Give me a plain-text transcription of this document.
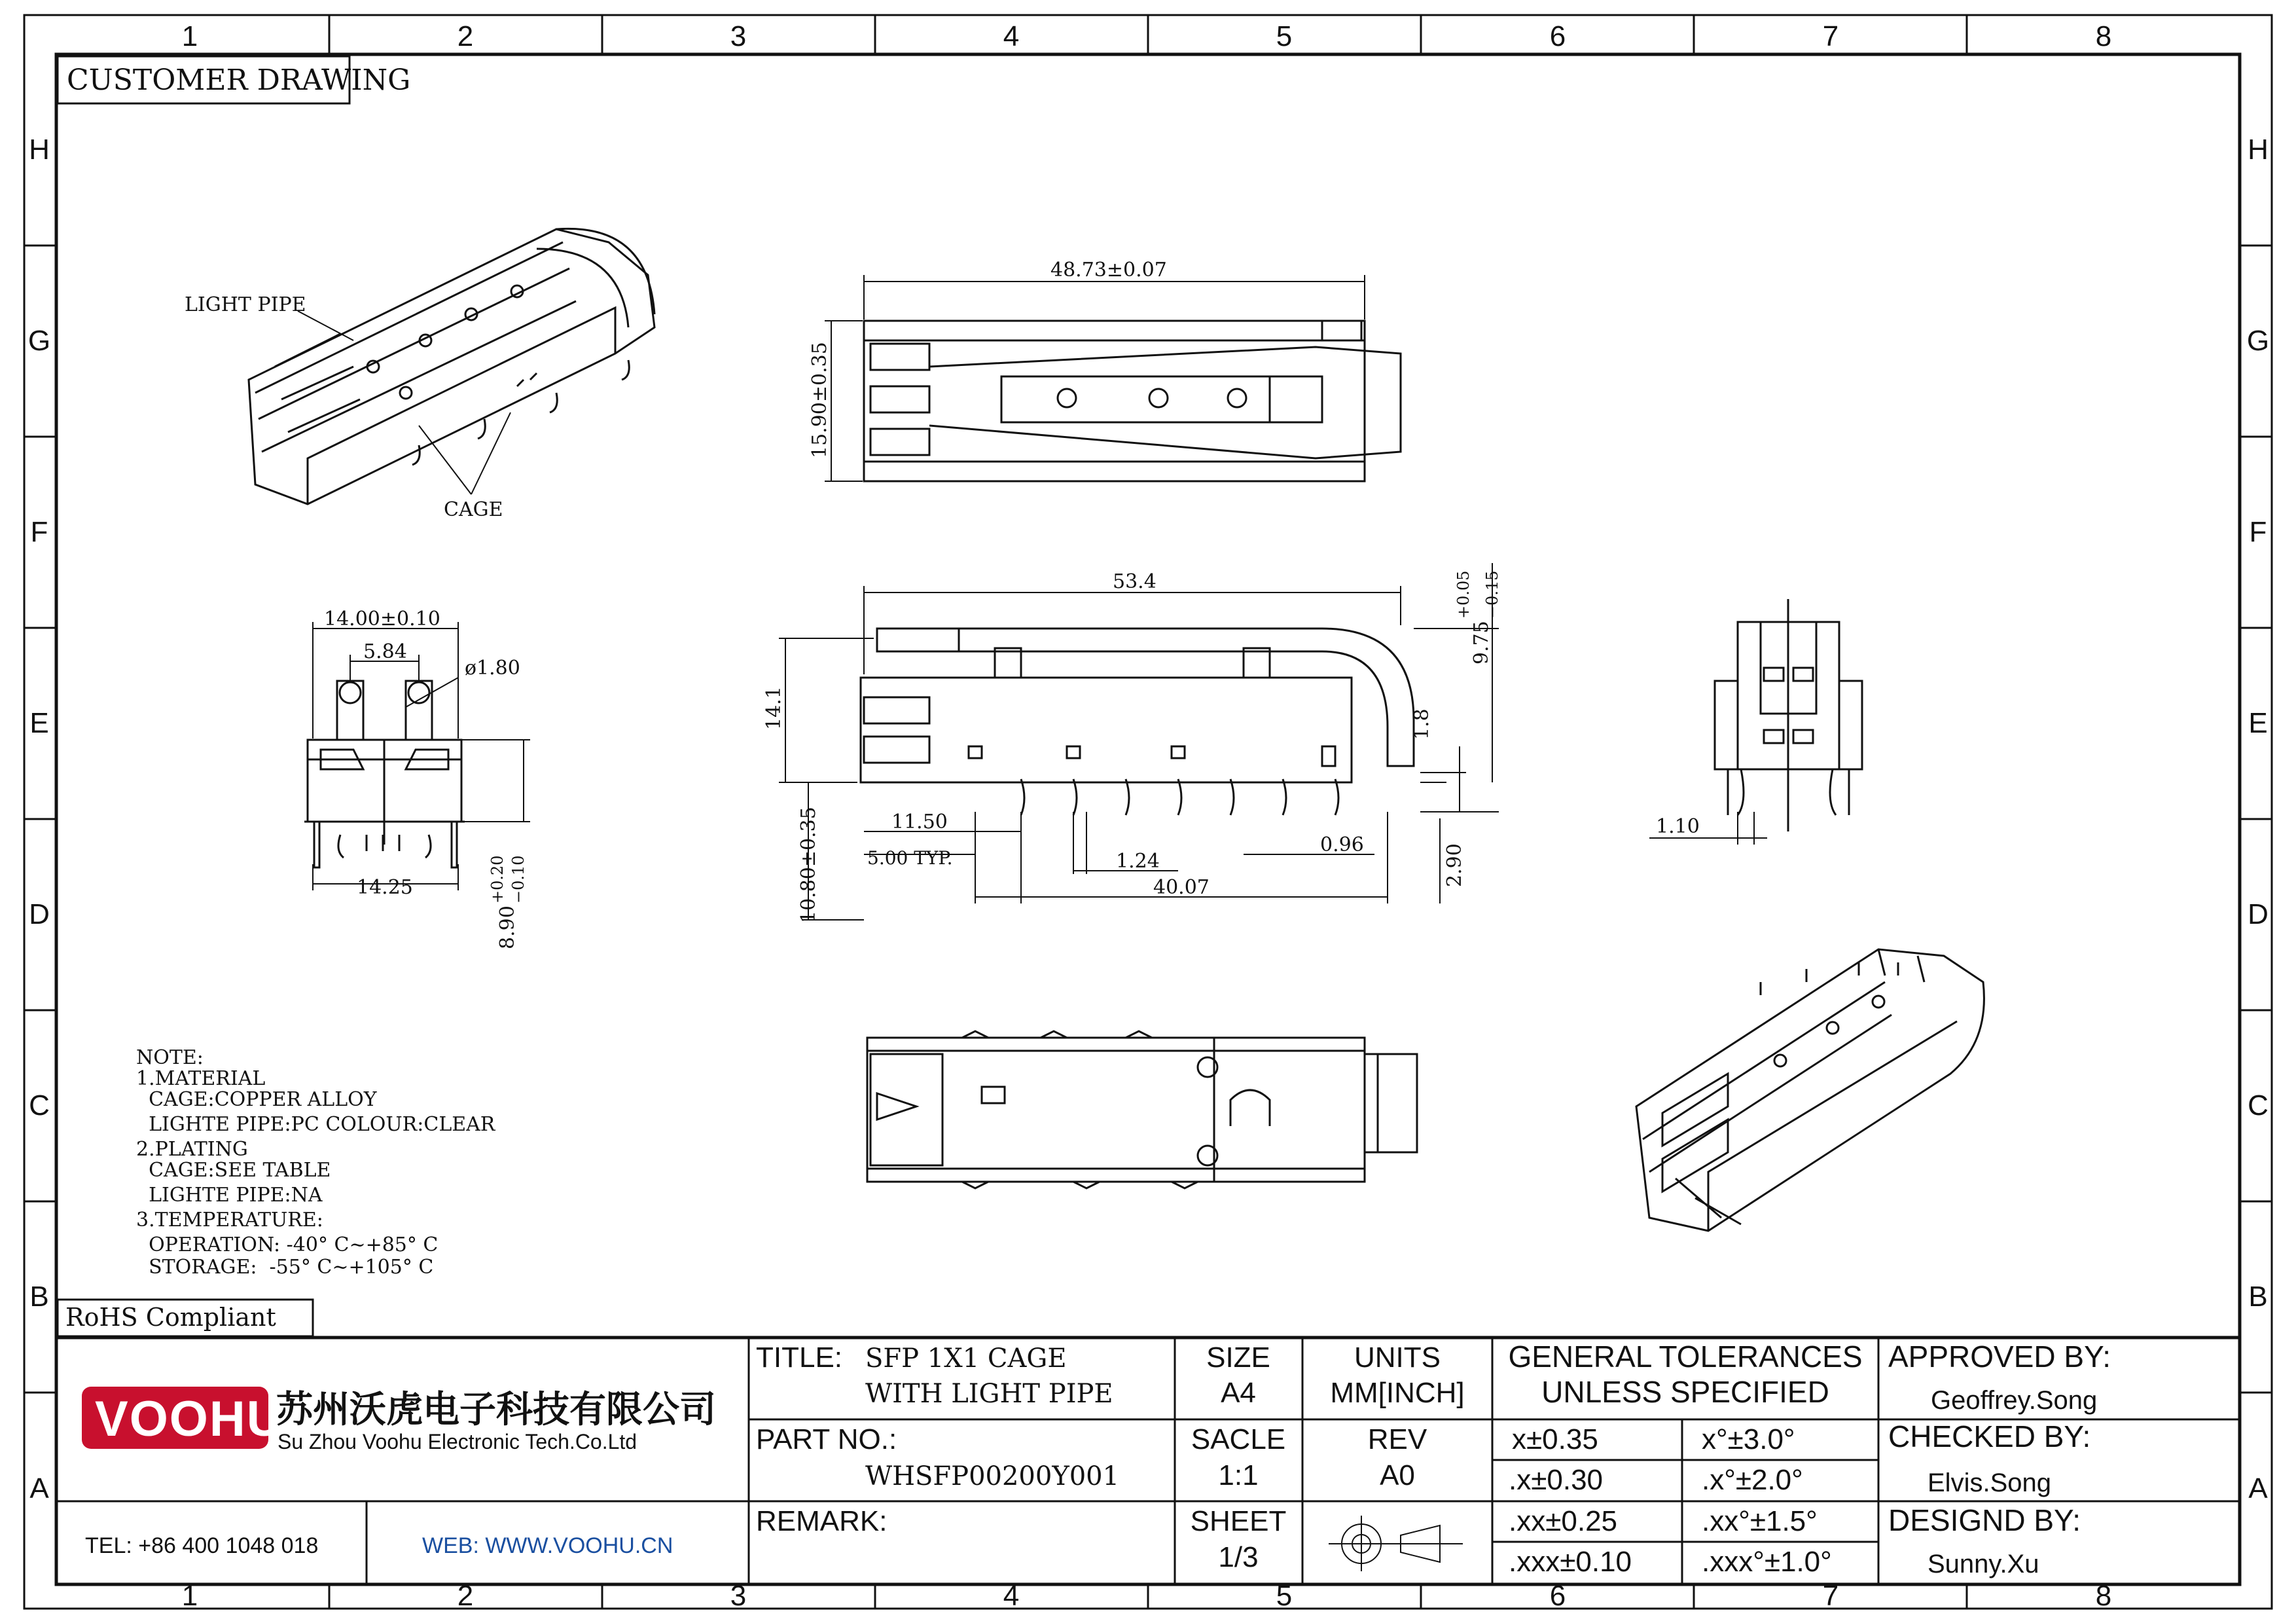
1	2	3	4	5	6	7	8
1	2	3	4	5	6	7	8
H
G
F
E
D
C
B
A
H
G
F
E
D
C
B
A
CUSTOMER DRAWING
LIGHT PIPE
CAGE
48.73±0.07
15.90±0.35
53.4
14.1
9.75
+0.05 −0.15
1.8
10.80±0.35	11.50
5.00 TYP.	1.24
0.96
40.07
2.90
14.00±0.10
5.84
ø1.80
14.25
8.90
+0.20 −0.10
1.10
NOTE:
1.MATERIAL
CAGE:COPPER ALLOY
LIGHTE PIPE:PC COLOUR:CLEAR
2.PLATING
CAGE:SEE TABLE
LIGHTE PIPE:NA
3.TEMPERATURE:
OPERATION: -40° C~+85° C
STORAGE:  -55° C~+105° C
RoHS Compliant
VOOHU
苏州沃虎电子科技有限公司
Su Zhou Voohu Electronic Tech.Co.Ltd
TEL: +86 400 1048 018	WEB: WWW.VOOHU.CN
TITLE: SFP 1X1 CAGE
WITH LIGHT PIPE
PART NO.:
WHSFP00200Y001
REMARK:
SIZE
A4
UNITS
MM[INCH]
SACLE
1:1
REV
A0
SHEET
1/3
GENERAL TOLERANCES
UNLESS SPECIFIED
x±0.35	x°±3.0°
.x±0.30	.x°±2.0°
.xx±0.25	.xx°±1.5°
.xxx±0.10 .xxx°±1.0°
APPROVED BY:
Geoffrey.Song
CHECKED BY:
Elvis.Song
DESIGND BY:
Sunny.Xu
